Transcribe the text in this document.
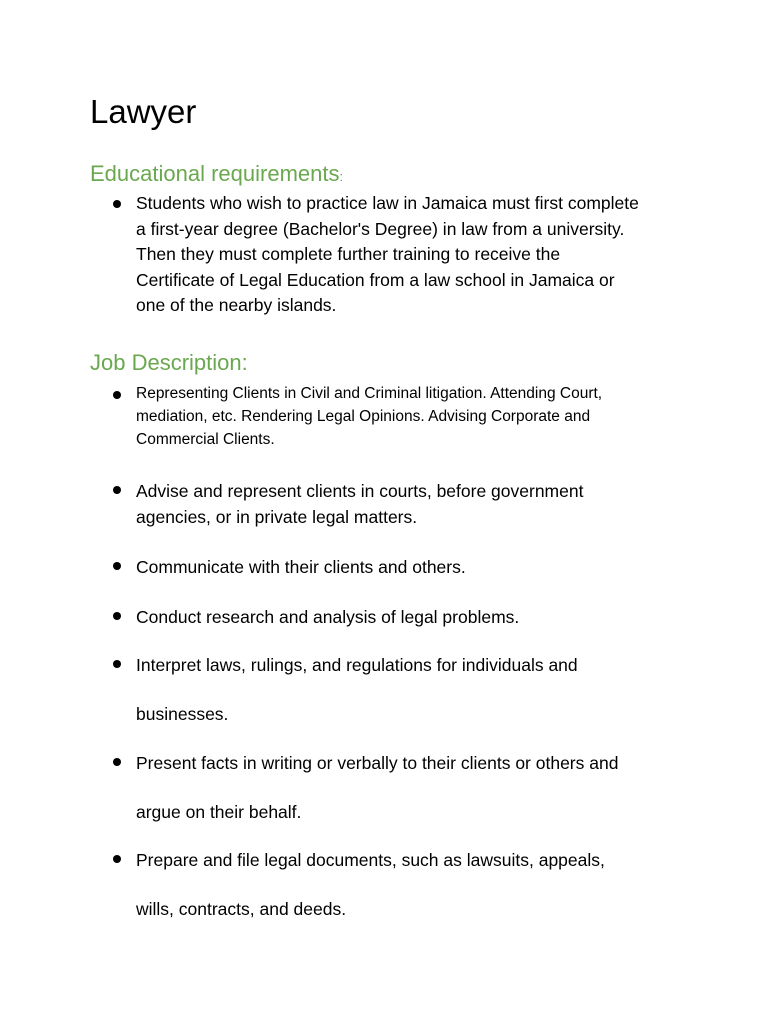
Lawyer
Educational requirements:
Students who wish to practice law in Jamaica must first complete
a first-year degree (Bachelor's Degree) in law from a university.
Then they must complete further training to receive the
Certificate of Legal Education from a law school in Jamaica or
one of the nearby islands.
Job Description:
Representing Clients in Civil and Criminal litigation. Attending Court,
mediation, etc. Rendering Legal Opinions. Advising Corporate and
Commercial Clients.
Advise and represent clients in courts, before government
agencies, or in private legal matters.
Communicate with their clients and others.
Conduct research and analysis of legal problems.
Interpret laws, rulings, and regulations for individuals and
businesses.
Present facts in writing or verbally to their clients or others and
argue on their behalf.
Prepare and file legal documents, such as lawsuits, appeals,
wills, contracts, and deeds.
